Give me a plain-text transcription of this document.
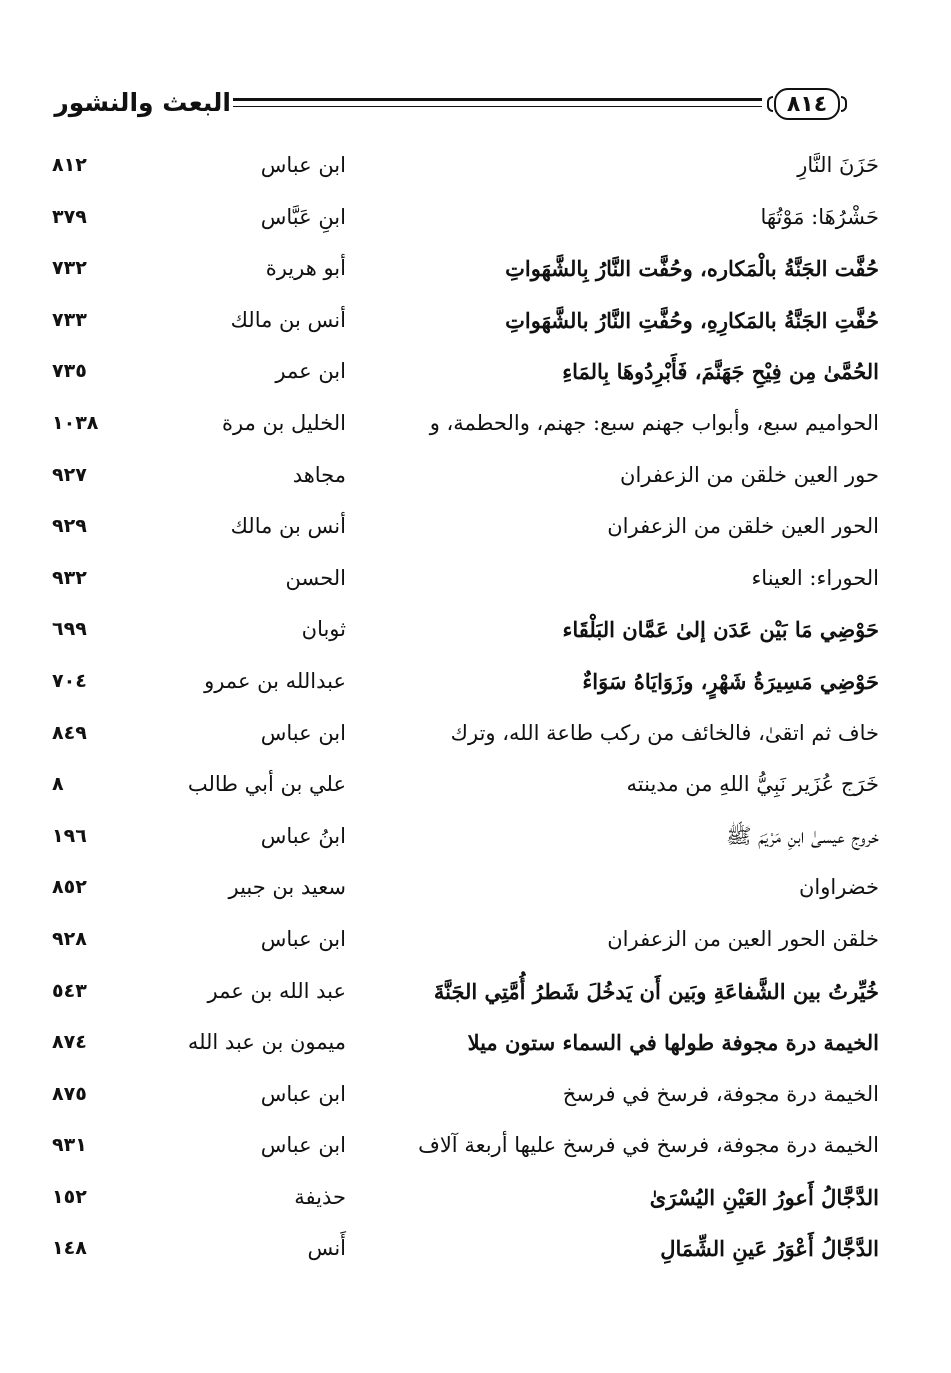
البعث والنشور	٨١٤
حَزَنَ النَّارِ
ابن عباس
٨١٢
حَشْرُهَا: مَوْتُهَا
ابنِ عَبَّاس
٣٧٩
حُفَّت الجَنَّةُ بالْمَكاره، وحُفَّت النَّارُ بِالشَّهَواتِ
أبو هريرة
٧٣٢
حُفَّتِ الجَنَّةُ بالمَكارِهِ، وحُفَّتِ النَّارُ بالشَّهَواتِ
أنس بن مالك
٧٣٣
الحُمَّىٰ مِن فِيْحِ جَهَنَّمَ، فَأَبْرِدُوهَا بِالمَاءِ
ابن عمر
٧٣٥
الحواميم سبع، وأبواب جهنم سبع: جهنم، والحطمة، و
الخليل بن مرة
١٠٣٨
حور العين خلقن من الزعفران
مجاهد
٩٢٧
الحور العين خلقن من الزعفران
أنس بن مالك
٩٢٩
الحوراء: العيناء
الحسن
٩٣٢
حَوْضِي مَا بَيْن عَدَن إلىٰ عَمَّان البَلْقَاء
ثوبان
٦٩٩
حَوْضِي مَسِيرَةُ شَهْرٍ، وزَوَايَاهُ سَوَاءٌ
عبدالله بن عمرو
٧٠٤
خاف ثم اتقىٰ، فالخائف من ركب طاعة الله، وترك
ابن عباس
٨٤٩
خَرَج عُزَير نَبِيُّ اللهِ من مدينته
علي بن أبي طالب
٨
خروج عيسىٰ ابنِ مَرْيَمَ ﷺ
ابنُ عباس
١٩٦
خضراوان
سعيد بن جبير
٨٥٢
خلقن الحور العين من الزعفران
ابن عباس
٩٢٨
خُيِّرتُ بين الشَّفاعَةِ وبَين أَن يَدخُلَ شَطرُ أُمَّتِي الجَنَّةَ
عبد الله بن عمر
٥٤٣
الخيمة درة مجوفة طولها في السماء ستون ميلا
ميمون بن عبد الله
٨٧٤
الخيمة درة مجوفة، فرسخ في فرسخ
ابن عباس
٨٧٥
الخيمة درة مجوفة، فرسخ في فرسخ عليها أربعة آلاف
ابن عباس
٩٣١
الدَّجَّالُ أَعورُ العَيْنِ اليُسْرَىٰ
حذيفة
١٥٢
الدَّجَّالُ أَعْوَرُ عَينِ الشِّمَالِ
أَنس
١٤٨
